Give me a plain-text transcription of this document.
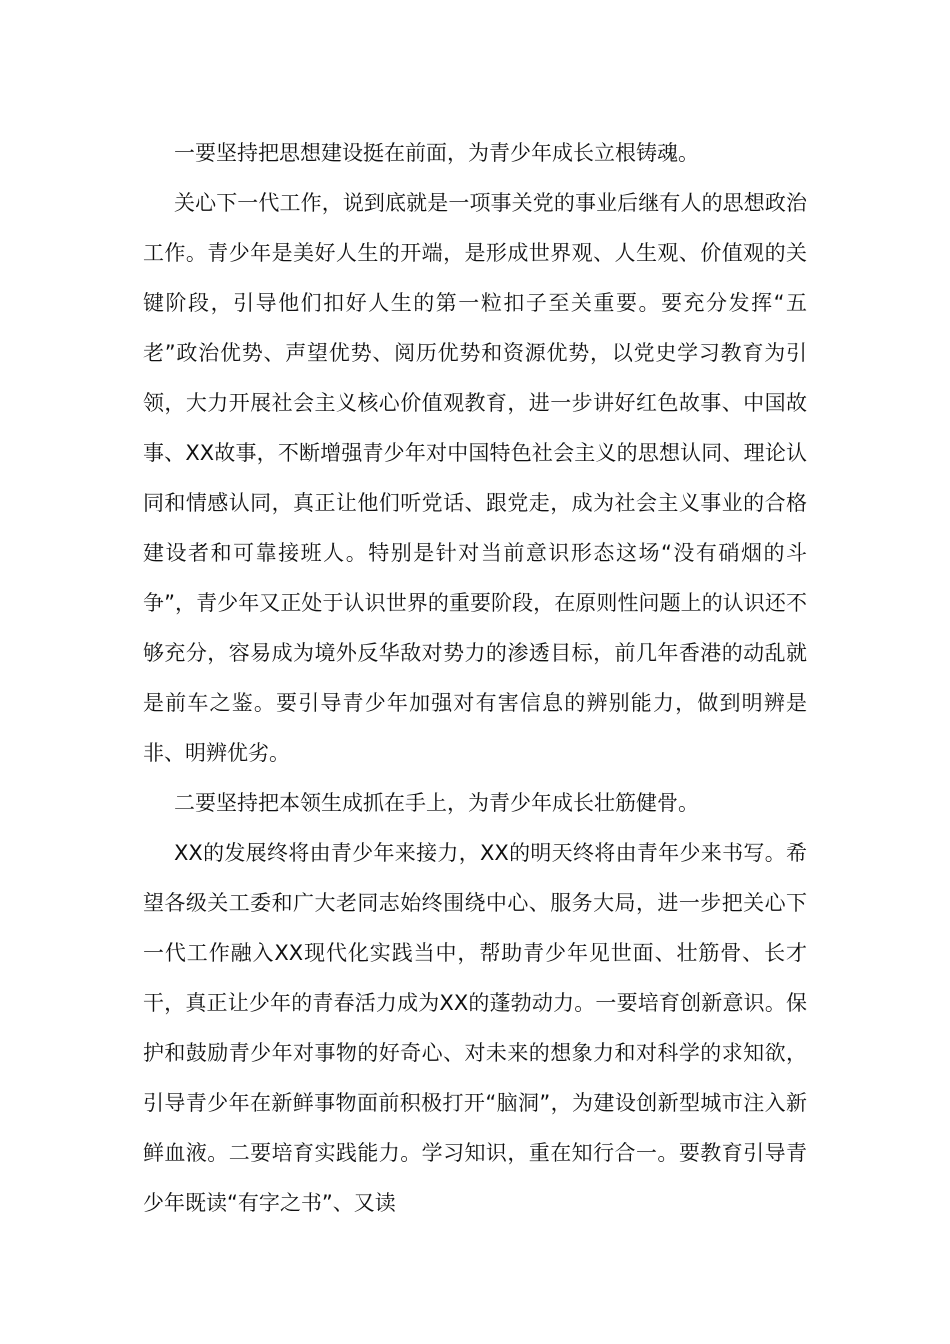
一要坚持把思想建设挺在前面，为青少年成长立根铸魂。

关心下一代工作，说到底就是一项事关党的事业后继有人的思想政治工作。青少年是美好人生的开端，是形成世界观、人生观、价值观的关键阶段，引导他们扣好人生的第一粒扣子至关重要。要充分发挥“五老”政治优势、声望优势、阅历优势和资源优势，以党史学习教育为引领，大力开展社会主义核心价值观教育，进一步讲好红色故事、中国故事、XX故事，不断增强青少年对中国特色社会主义的思想认同、理论认同和情感认同，真正让他们听党话、跟党走，成为社会主义事业的合格建设者和可靠接班人。特别是针对当前意识形态这场“没有硝烟的斗争”，青少年又正处于认识世界的重要阶段，在原则性问题上的认识还不够充分，容易成为境外反华敌对势力的渗透目标，前几年香港的动乱就是前车之鉴。要引导青少年加强对有害信息的辨别能力，做到明辨是非、明辨优劣。

二要坚持把本领生成抓在手上，为青少年成长壮筋健骨。

XX的发展终将由青少年来接力，XX的明天终将由青年少来书写。希望各级关工委和广大老同志始终围绕中心、服务大局，进一步把关心下一代工作融入XX现代化实践当中，帮助青少年见世面、壮筋骨、长才干，真正让少年的青春活力成为XX的蓬勃动力。一要培育创新意识。保护和鼓励青少年对事物的好奇心、对未来的想象力和对科学的求知欲，引导青少年在新鲜事物面前积极打开“脑洞”，为建设创新型城市注入新鲜血液。二要培育实践能力。学习知识，重在知行合一。要教育引导青少年既读“有字之书”、又读
